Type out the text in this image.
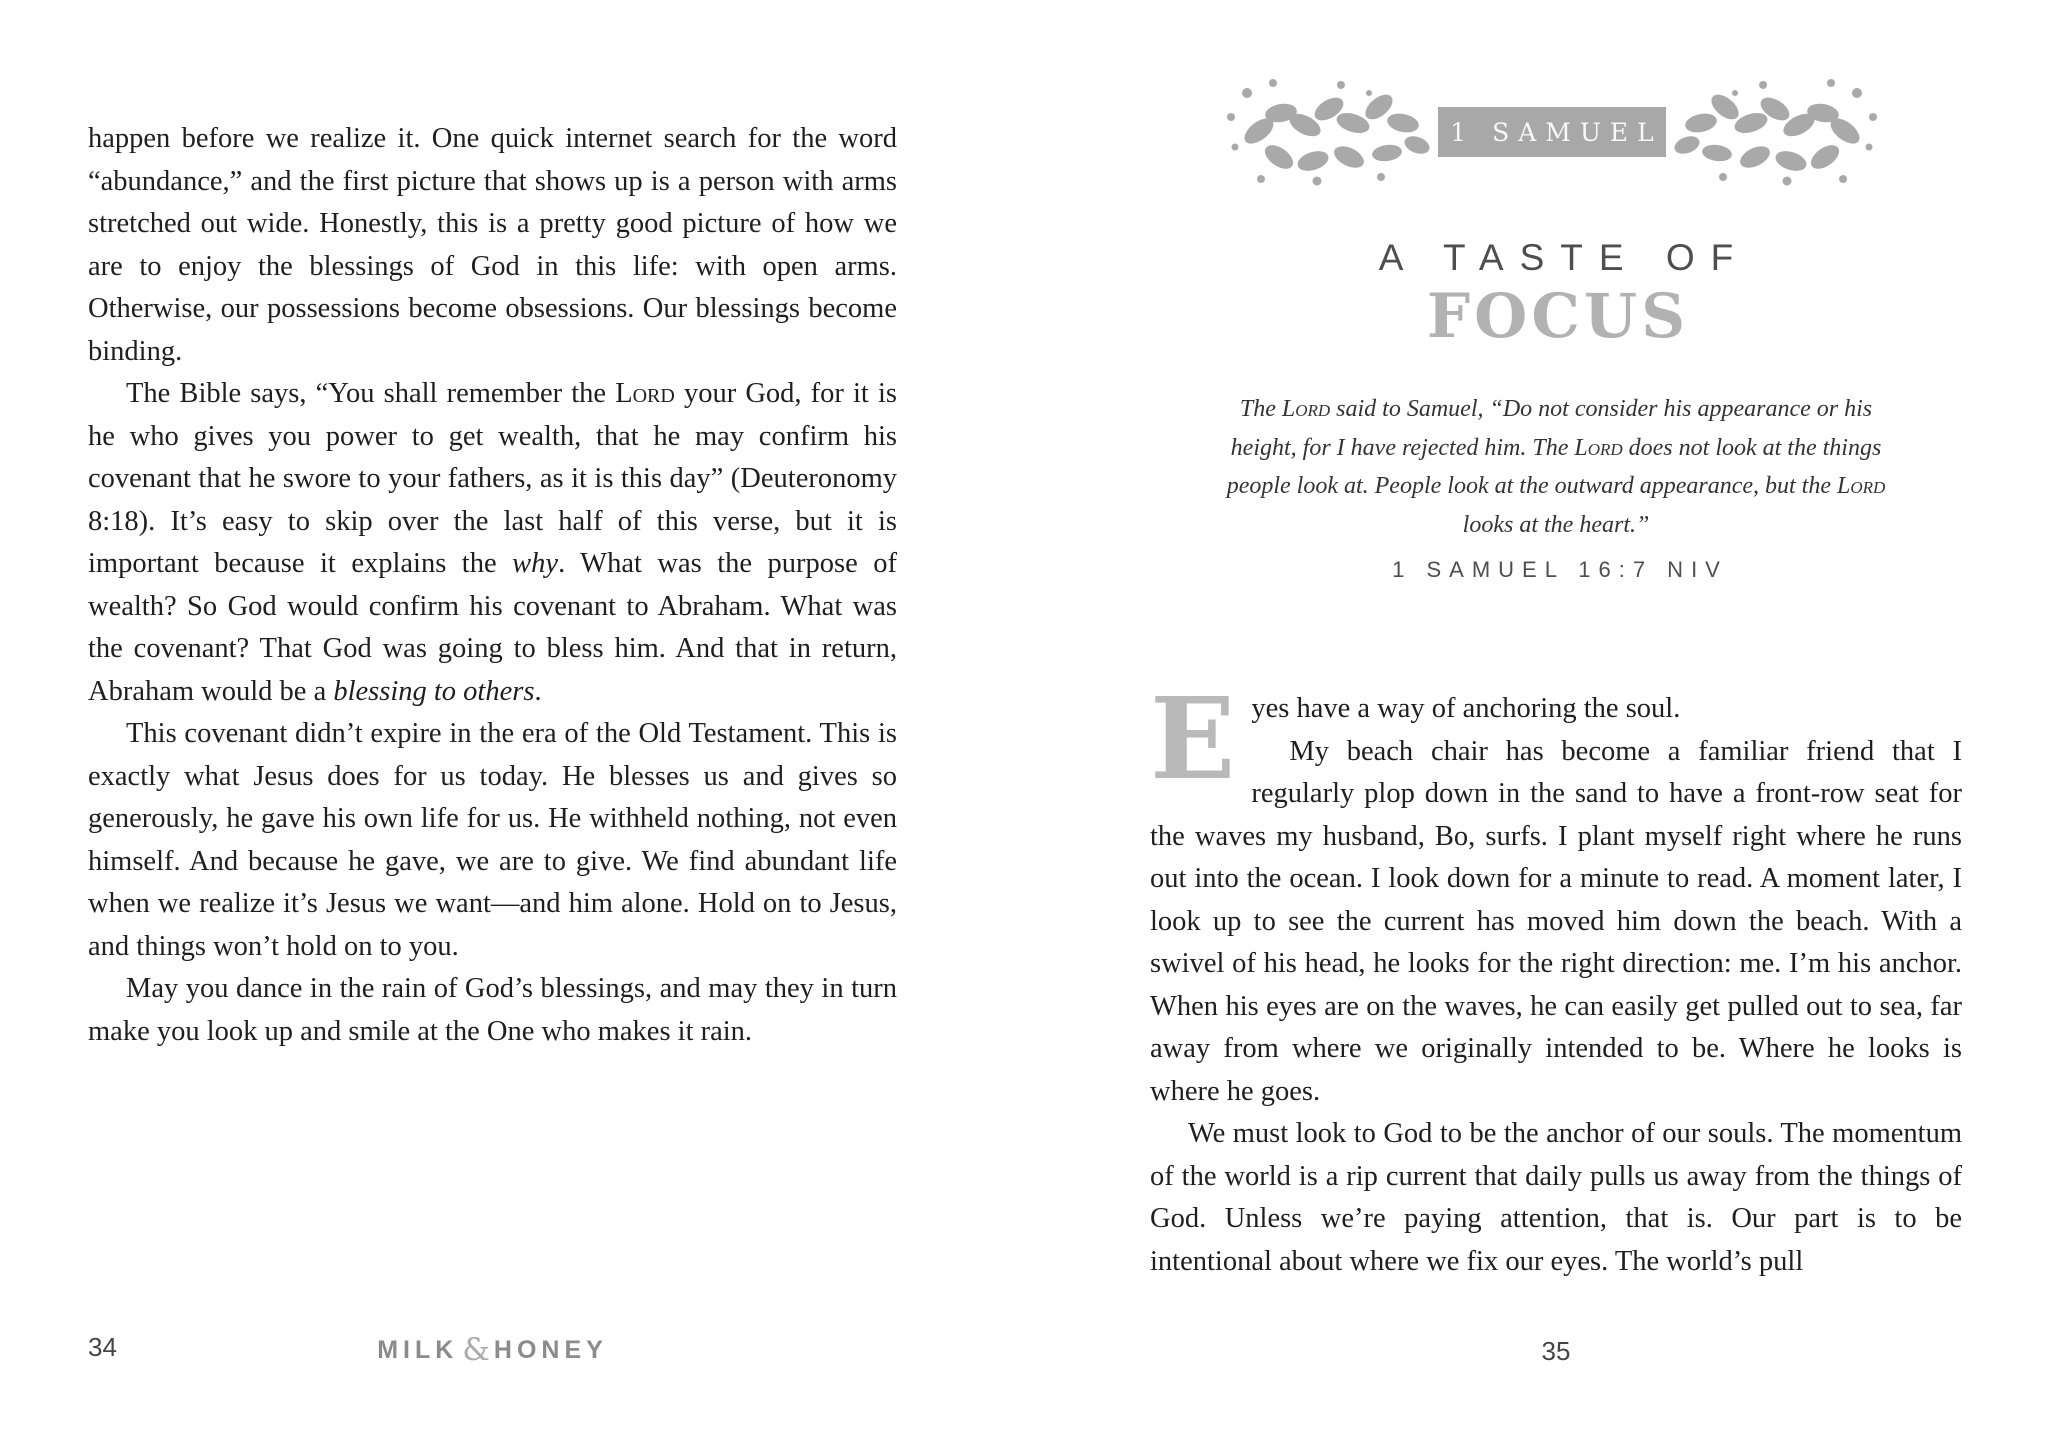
happen before we realize it. One quick internet search for the word “abundance,” and the first picture that shows up is a person with arms stretched out wide. Honestly, this is a pretty good picture of how we are to enjoy the blessings of God in this life: with open arms. Otherwise, our possessions become obsessions. Our blessings become binding.

The Bible says, “You shall remember the Lord your God, for it is he who gives you power to get wealth, that he may confirm his covenant that he swore to your fathers, as it is this day” (Deuteronomy 8:18). It’s easy to skip over the last half of this verse, but it is important because it explains the why. What was the purpose of wealth? So God would confirm his covenant to Abraham. What was the covenant? That God was going to bless him. And that in return, Abraham would be a blessing to others.

This covenant didn’t expire in the era of the Old Testament. This is exactly what Jesus does for us today. He blesses us and gives so generously, he gave his own life for us. He withheld nothing, not even himself. And because he gave, we are to give. We find abundant life when we realize it’s Jesus we want—and him alone. Hold on to Jesus, and things won’t hold on to you.

May you dance in the rain of God’s blessings, and may they in turn make you look up and smile at the One who makes it rain.

34	MILK & HONEY
1 SAMUEL
A TASTE OF
FOCUS
The Lord said to Samuel, “Do not consider his appearance or his height, for I have rejected him. The Lord does not look at the things people look at. People look at the outward appearance, but the Lord looks at the heart.”
1 SAMUEL 16:7 NIV

Eyes have a way of anchoring the soul.

My beach chair has become a familiar friend that I regularly plop down in the sand to have a front-row seat for the waves my husband, Bo, surfs. I plant myself right where he runs out into the ocean. I look down for a minute to read. A moment later, I look up to see the current has moved him down the beach. With a swivel of his head, he looks for the right direction: me. I’m his anchor. When his eyes are on the waves, he can easily get pulled out to sea, far away from where we originally intended to be. Where he looks is where he goes.

We must look to God to be the anchor of our souls. The momentum of the world is a rip current that daily pulls us away from the things of God. Unless we’re paying attention, that is. Our part is to be intentional about where we fix our eyes. The world’s pull

35
